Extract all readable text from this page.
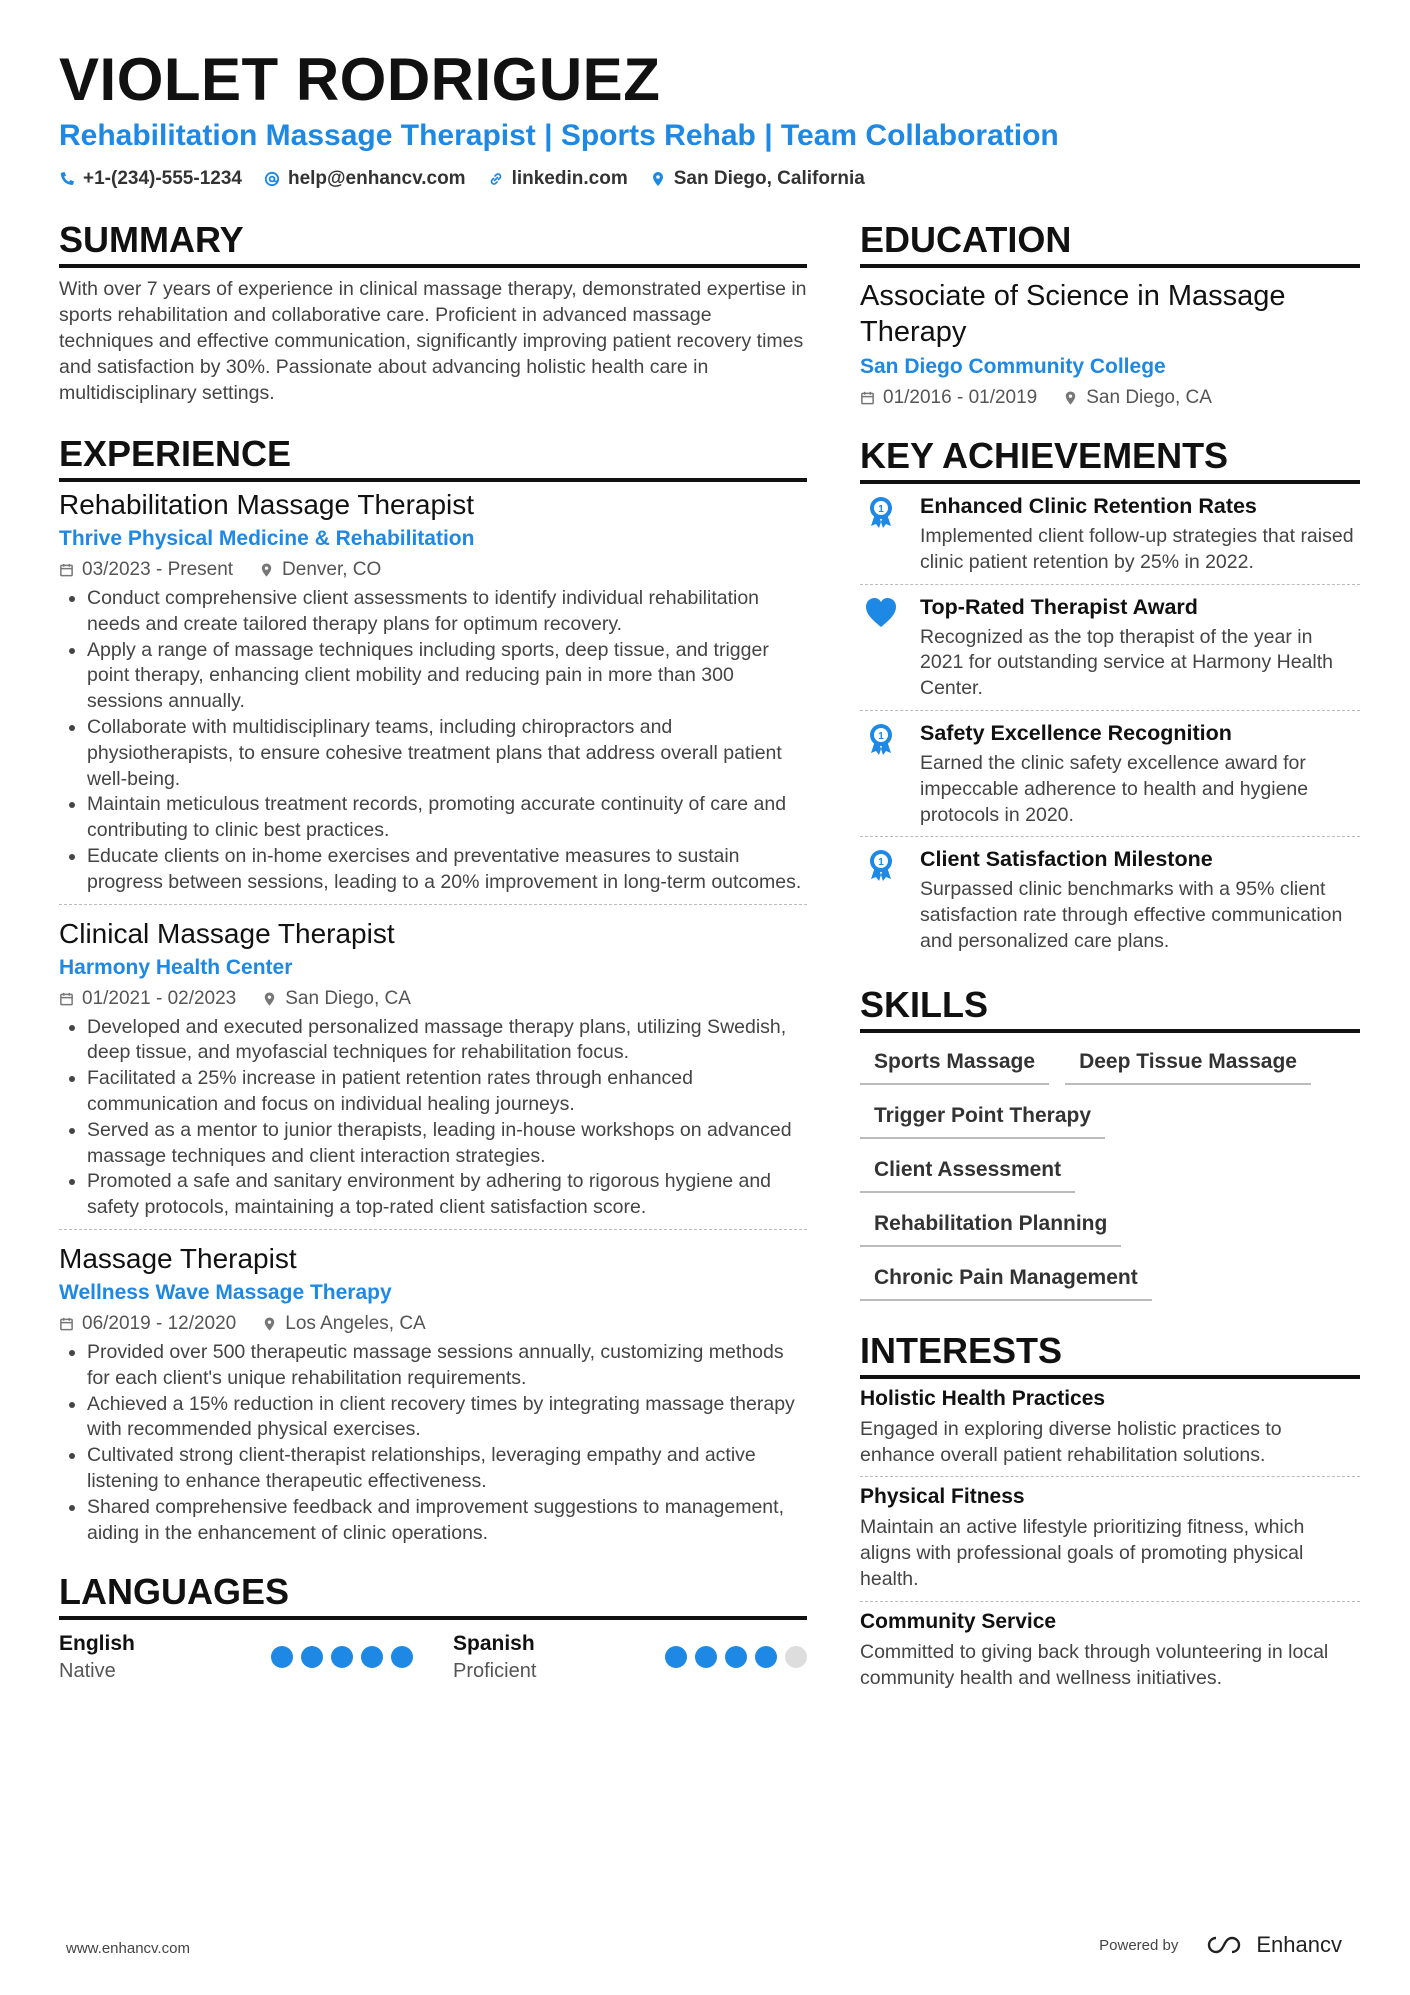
VIOLET RODRIGUEZ
Rehabilitation Massage Therapist | Sports Rehab | Team Collaboration
+1-(234)-555-1234 help@enhancv.com linkedin.com San Diego, California
SUMMARY
With over 7 years of experience in clinical massage therapy, demonstrated expertise in sports rehabilitation and collaborative care. Proficient in advanced massage techniques and effective communication, significantly improving patient recovery times and satisfaction by 30%. Passionate about advancing holistic health care in multidisciplinary settings.
EXPERIENCE
Rehabilitation Massage Therapist
Thrive Physical Medicine & Rehabilitation
03/2023 - Present	Denver, CO
• Conduct comprehensive client assessments to identify individual rehabilitation needs and create tailored therapy plans for optimum recovery.
• Apply a range of massage techniques including sports, deep tissue, and trigger point therapy, enhancing client mobility and reducing pain in more than 300 sessions annually.
• Collaborate with multidisciplinary teams, including chiropractors and physiotherapists, to ensure cohesive treatment plans that address overall patient well-being.
• Maintain meticulous treatment records, promoting accurate continuity of care and contributing to clinic best practices.
• Educate clients on in-home exercises and preventative measures to sustain progress between sessions, leading to a 20% improvement in long-term outcomes.
Clinical Massage Therapist
Harmony Health Center
01/2021 - 02/2023	San Diego, CA
• Developed and executed personalized massage therapy plans, utilizing Swedish, deep tissue, and myofascial techniques for rehabilitation focus.
• Facilitated a 25% increase in patient retention rates through enhanced communication and focus on individual healing journeys.
• Served as a mentor to junior therapists, leading in-house workshops on advanced massage techniques and client interaction strategies.
• Promoted a safe and sanitary environment by adhering to rigorous hygiene and safety protocols, maintaining a top-rated client satisfaction score.
Massage Therapist
Wellness Wave Massage Therapy
06/2019 - 12/2020	Los Angeles, CA
• Provided over 500 therapeutic massage sessions annually, customizing methods for each client's unique rehabilitation requirements.
• Achieved a 15% reduction in client recovery times by integrating massage therapy with recommended physical exercises.
• Cultivated strong client-therapist relationships, leveraging empathy and active listening to enhance therapeutic effectiveness.
• Shared comprehensive feedback and improvement suggestions to management, aiding in the enhancement of clinic operations.
LANGUAGES
English
Native
Spanish
Proficient
EDUCATION
Associate of Science in Massage Therapy
San Diego Community College
01/2016 - 01/2019	San Diego, CA
KEY ACHIEVEMENTS
1 Enhanced Clinic Retention Rates
Implemented client follow-up strategies that raised clinic patient retention by 25% in 2022.
Top-Rated Therapist Award
Recognized as the top therapist of the year in 2021 for outstanding service at Harmony Health Center.
1 Safety Excellence Recognition
Earned the clinic safety excellence award for impeccable adherence to health and hygiene protocols in 2020.
1 Client Satisfaction Milestone
Surpassed clinic benchmarks with a 95% client satisfaction rate through effective communication and personalized care plans.
SKILLS
Sports Massage	Deep Tissue Massage
Trigger Point Therapy
Client Assessment
Rehabilitation Planning
Chronic Pain Management
INTERESTS
Holistic Health Practices
Engaged in exploring diverse holistic practices to enhance overall patient rehabilitation solutions.
Physical Fitness
Maintain an active lifestyle prioritizing fitness, which aligns with professional goals of promoting physical health.
Community Service
Committed to giving back through volunteering in local community health and wellness initiatives.
www.enhancv.com	Powered by	Enhancv
